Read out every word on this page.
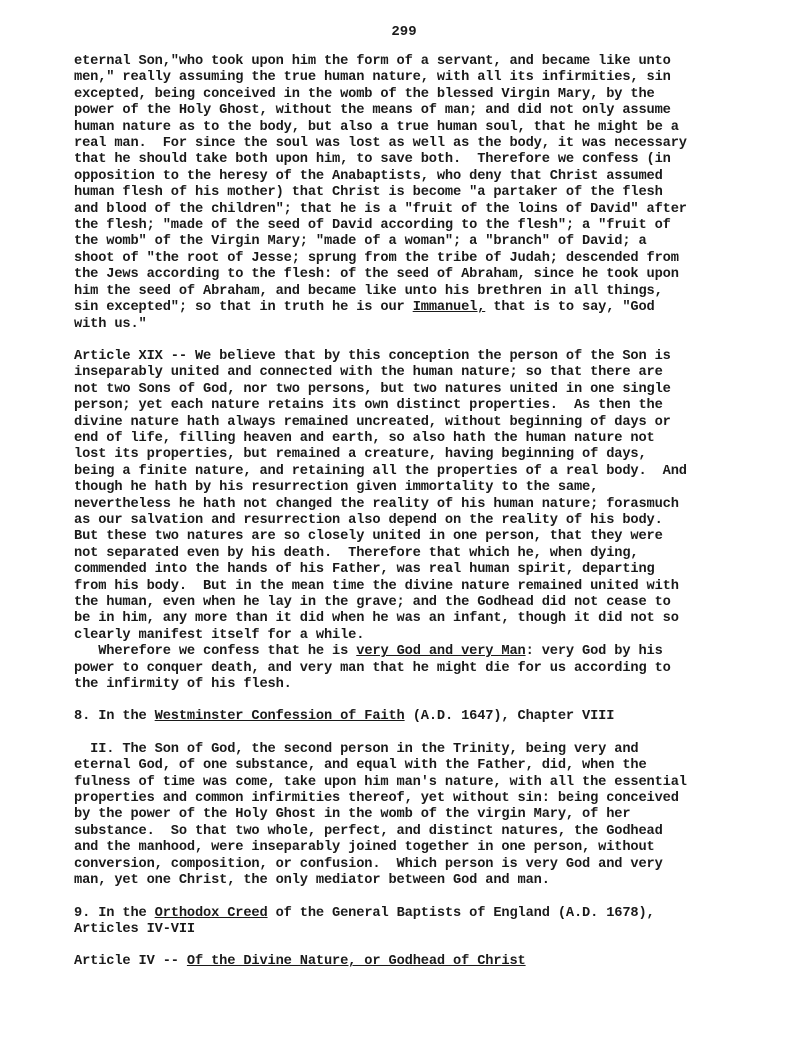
299

eternal Son,"who took upon him the form of a servant, and became like unto

men," really assuming the true human nature, with all its infirmities, sin

excepted, being conceived in the womb of the blessed Virgin Mary, by the

power of the Holy Ghost, without the means of man; and did not only assume

human nature as to the body, but also a true human soul, that he might be a

real man.  For since the soul was lost as well as the body, it was necessary

that he should take both upon him, to save both.  Therefore we confess (in

opposition to the heresy of the Anabaptists, who deny that Christ assumed

human flesh of his mother) that Christ is become "a partaker of the flesh

and blood of the children"; that he is a "fruit of the loins of David" after

the flesh; "made of the seed of David according to the flesh"; a "fruit of

the womb" of the Virgin Mary; "made of a woman"; a "branch" of David; a

shoot of "the root of Jesse; sprung from the tribe of Judah; descended from

the Jews according to the flesh: of the seed of Abraham, since he took upon

him the seed of Abraham, and became like unto his brethren in all things,

sin excepted"; so that in truth he is our Immanuel, that is to say, "God

with us."

Article XIX -- We believe that by this conception the person of the Son is

inseparably united and connected with the human nature; so that there are

not two Sons of God, nor two persons, but two natures united in one single

person; yet each nature retains its own distinct properties.  As then the

divine nature hath always remained uncreated, without beginning of days or

end of life, filling heaven and earth, so also hath the human nature not

lost its properties, but remained a creature, having beginning of days,

being a finite nature, and retaining all the properties of a real body.  And

though he hath by his resurrection given immortality to the same,

nevertheless he hath not changed the reality of his human nature; forasmuch

as our salvation and resurrection also depend on the reality of his body.

But these two natures are so closely united in one person, that they were

not separated even by his death.  Therefore that which he, when dying,

commended into the hands of his Father, was real human spirit, departing

from his body.  But in the mean time the divine nature remained united with

the human, even when he lay in the grave; and the Godhead did not cease to

be in him, any more than it did when he was an infant, though it did not so

clearly manifest itself for a while.

Wherefore we confess that he is very God and very Man: very God by his

power to conquer death, and very man that he might die for us according to

the infirmity of his flesh.

8. In the Westminster Confession of Faith (A.D. 1647), Chapter VIII

II. The Son of God, the second person in the Trinity, being very and

eternal God, of one substance, and equal with the Father, did, when the

fulness of time was come, take upon him man's nature, with all the essential

properties and common infirmities thereof, yet without sin: being conceived

by the power of the Holy Ghost in the womb of the virgin Mary, of her

substance.  So that two whole, perfect, and distinct natures, the Godhead

and the manhood, were inseparably joined together in one person, without

conversion, composition, or confusion.  Which person is very God and very

man, yet one Christ, the only mediator between God and man.

9. In the Orthodox Creed of the General Baptists of England (A.D. 1678),

Articles IV-VII

Article IV -- Of the Divine Nature, or Godhead of Christ
